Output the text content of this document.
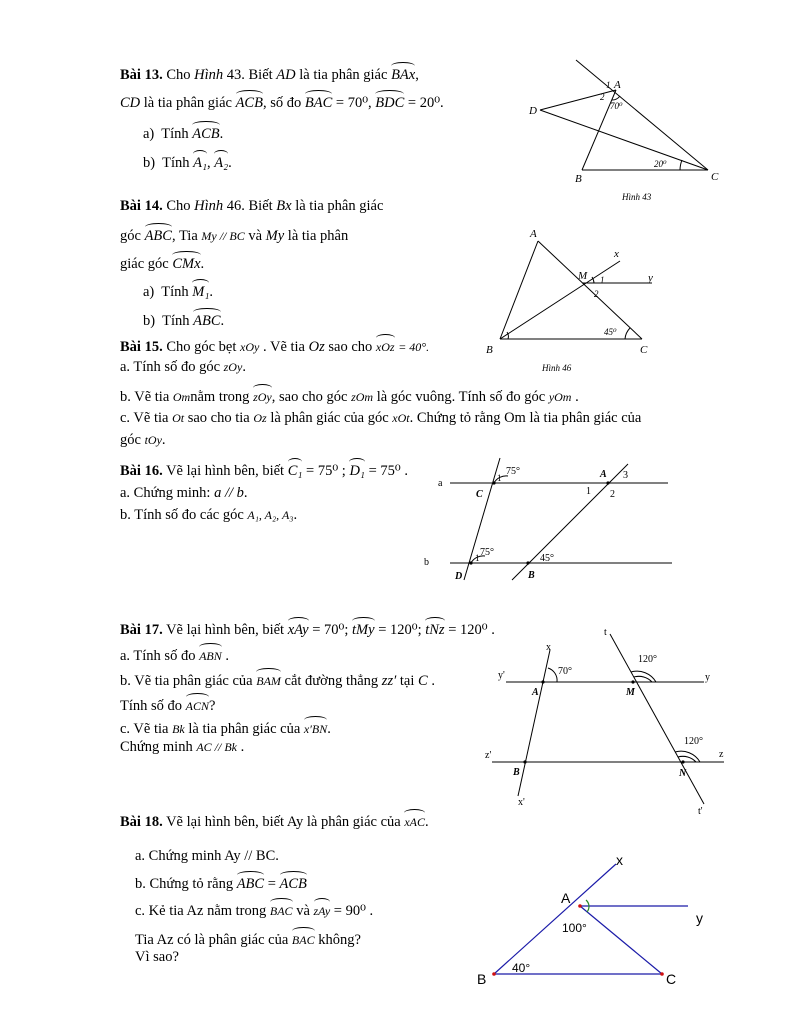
Bài 13. Cho Hình 43. Biết AD là tia phân giác BAx,
CD là tia phân giác ACB, số đo BAC = 70⁰, BDC = 20⁰.
a) Tính ACB.
b) Tính A₁, A₂.
A
B	C
D
1
2
70⁰
20⁰
Hình 43
Bài 14. Cho Hình 46. Biết Bx là tia phân giác
góc ABC, Tia My // BC và My là tia phân
giác góc CMx.
a) Tính M₁.
b) Tính ABC.
A
B	C
M
x
y
1
2
45⁰
Hình 46
Bài 15. Cho góc bẹt xOy . Vẽ tia Oz sao cho xOz = 40°.
a. Tính số đo góc zOy.
b. Vẽ tia Omnằm trong zOy, sao cho góc zOm là góc vuông. Tính số đo góc yOm .
c. Vẽ tia Ot sao cho tia Oz là phân giác của góc xOt. Chứng tỏ rằng Om là tia phân giác của
góc tOy.
Bài 16. Vẽ lại hình bên, biết C₁ = 75⁰ ; D₁ = 75⁰ .
a. Chứng minh: a // b.
b. Tính số đo các góc A₁, A₂, A₃.
a
b
C
D
A
B
1
1
1 2
3
75°
75°
45°
Bài 17. Vẽ lại hình bên, biết xAy = 70⁰; tMy = 120⁰; tNz = 120⁰ .
a. Tính số đo ABN .
b. Vẽ tia phân giác của BAM cắt đường thẳng zz′ tại C .
Tính số đo ACN?
c. Vẽ tia Bk là tia phân giác của x′BN.
Chứng minh AC // Bk .
t
x
y'	y
z'	z
x'
t'
A	M
B	N
70°
120°
120°
Bài 18. Vẽ lại hình bên, biết Ay là phân giác của xAC.
a. Chứng minh Ay // BC.
b. Chứng tỏ rằng ABC = ACB
c. Kẻ tia Az nằm trong BAC và zAy = 90⁰ .
Tia Az có là phân giác của BAC không?
Vì sao?
x
y
A
B	C
100°
40°
